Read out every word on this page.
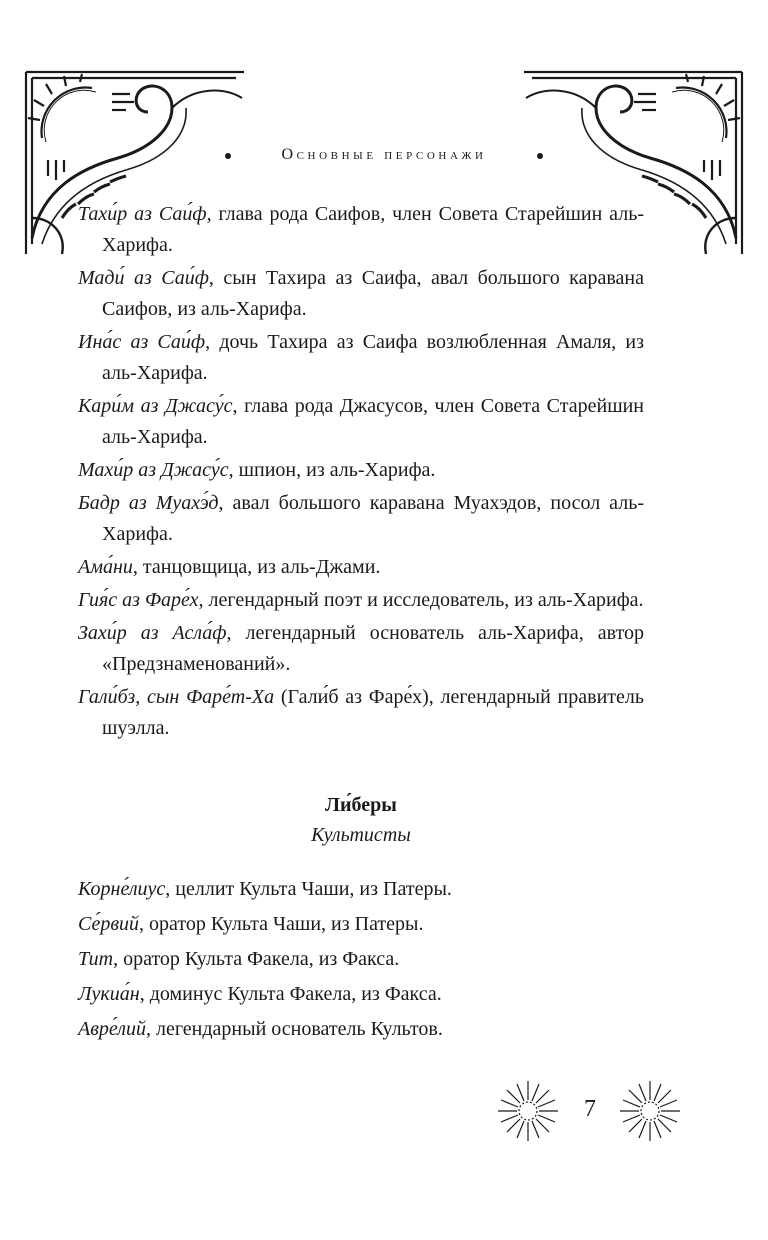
Основные персонажи

Тахи́р аз Саи́ф, глава рода Саифов, член Совета Старейшин аль-Харифа.

Мади́ аз Саи́ф, сын Тахира аз Саифа, авал большого каравана Саифов, из аль-Харифа.

Ина́с аз Саи́ф, дочь Тахира аз Саифа возлюбленная Амаля, из аль-Харифа.

Кари́м аз Джасу́с, глава рода Джасусов, член Совета Старейшин аль-Харифа.

Махи́р аз Джасу́с, шпион, из аль-Харифа.

Бадр аз Муахэ́д, авал большого каравана Муахэдов, посол аль-Харифа.

Ама́ни, танцовщица, из аль-Джами.

Гия́с аз Фаре́х, легендарный поэт и исследователь, из аль-Харифа.

Захи́р аз Асла́ф, легендарный основатель аль-Харифа, автор «Предзнаменований».

Гали́бз, сын Фаре́т-Ха (Гали́б аз Фаре́х), легендарный правитель шуэлла.

Ли́беры
Культисты

Корне́лиус, целлит Культа Чаши, из Патеры.

Се́рвий, оратор Культа Чаши, из Патеры.

Тит, оратор Культа Факела, из Факса.

Лукиа́н, доминус Культа Факела, из Факса.

Авре́лий, легендарный основатель Культов.

7
